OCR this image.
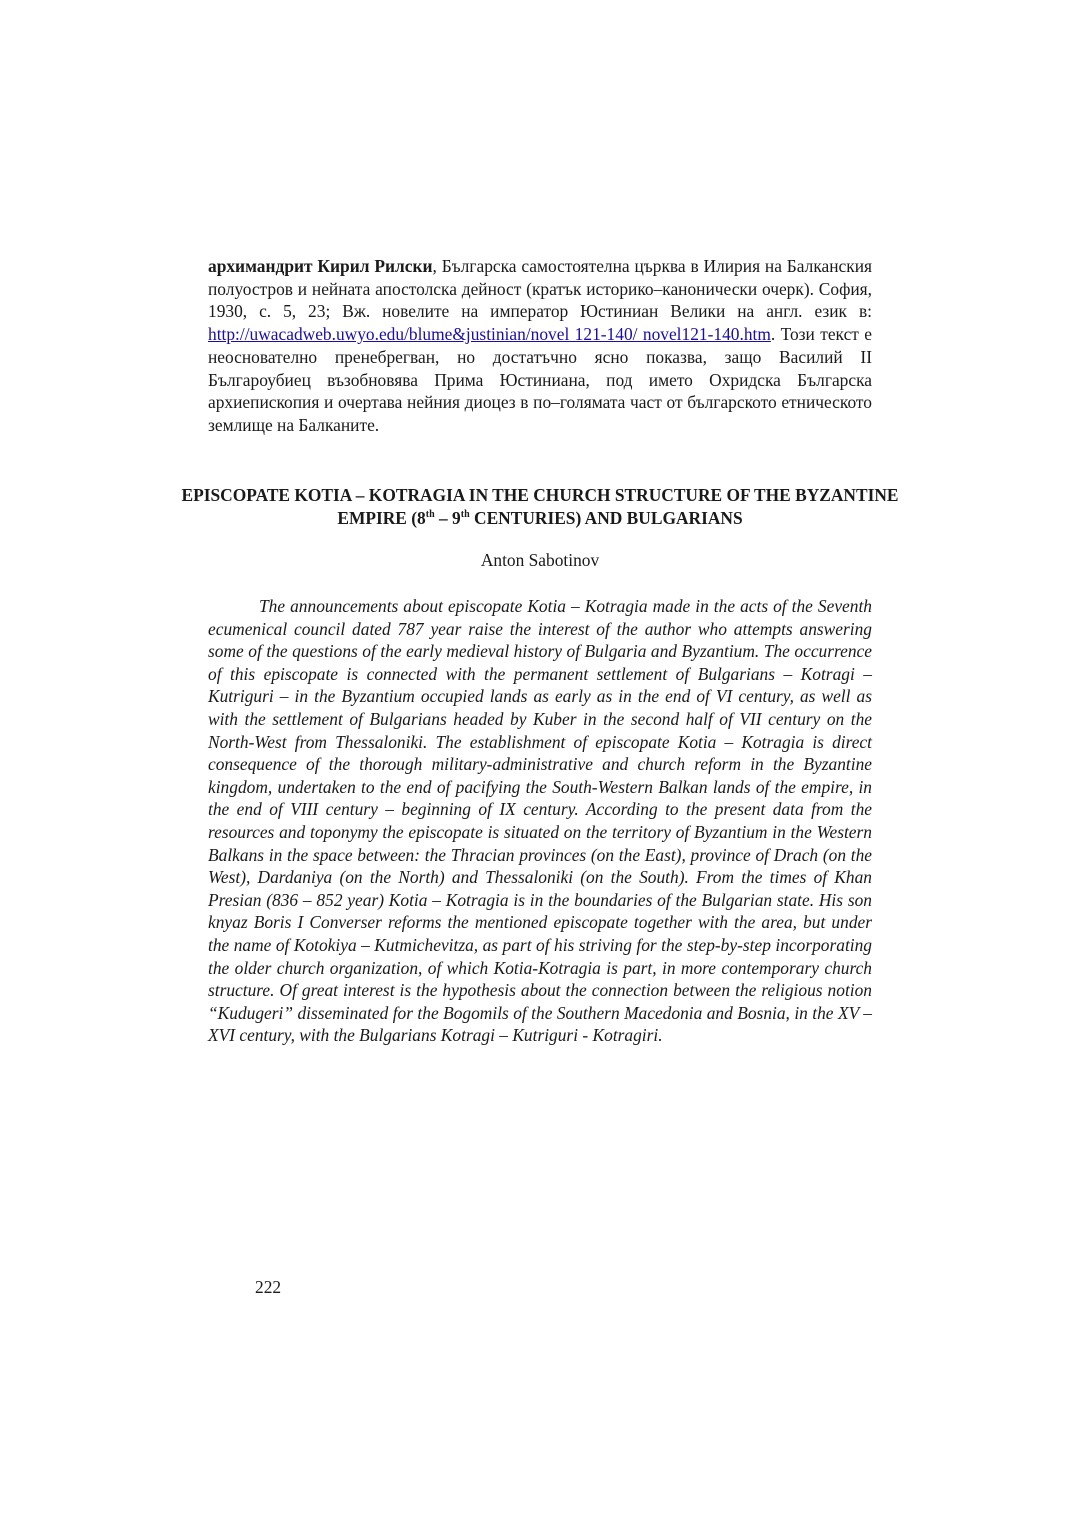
архимандрит Кирил Рилски, Българска самостоятелна църква в Илирия на Балканския полуостров и нейната апостолска дейност (кратък историко–канонически очерк). София, 1930, с. 5, 23; Вж. новелите на император Юстиниан Велики на англ. език в: http://uwacadweb.uwyo.edu/blume&justinian/novel 121-140/ novel121-140.htm. Този текст е неоснователно пренебрегван, но достатъчно ясно показва, защо Василий II Българоубиец възобновява Прима Юстиниана, под името Охридска Българска архиепископия и очертава нейния диоцез в по–голямата част от българското етническото землище на Балканите.

EPISCOPATE KOTIA – KOTRAGIA IN THE CHURCH STRUCTURE OF THE BYZANTINE EMPIRE (8th – 9th CENTURIES) AND BULGARIANS

Anton Sabotinov

The announcements about episcopate Kotia – Kotragia made in the acts of the Seventh ecumenical council dated 787 year raise the interest of the author who attempts answering some of the questions of the early medieval history of Bulgaria and Byzantium. The occurrence of this episcopate is connected with the permanent settlement of Bulgarians – Kotragi – Kutriguri – in the Byzantium occupied lands as early as in the end of VI century, as well as with the settlement of Bulgarians headed by Kuber in the second half of VII century on the North-West from Thessaloniki. The establishment of episcopate Kotia – Kotragia is direct consequence of the thorough military-administrative and church reform in the Byzantine kingdom, undertaken to the end of pacifying the South-Western Balkan lands of the empire, in the end of VIII century – beginning of IX century. According to the present data from the resources and toponymy the episcopate is situated on the territory of Byzantium in the Western Balkans in the space between: the Thracian provinces (on the East), province of Drach (on the West), Dardaniya (on the North) and Thessaloniki (on the South). From the times of Khan Presian (836 – 852 year) Kotia – Kotragia is in the boundaries of the Bulgarian state. His son knyaz Boris I Converser reforms the mentioned episcopate together with the area, but under the name of Kotokiya – Kutmichevitza, as part of his striving for the step-by-step incorporating the older church organization, of which Kotia-Kotragia is part, in more contemporary church structure. Of great interest is the hypothesis about the connection between the religious notion “Kudugeri” disseminated for the Bogomils of the Southern Macedonia and Bosnia, in the XV – XVI century, with the Bulgarians Kotragi – Kutriguri - Kotragiri.

222
